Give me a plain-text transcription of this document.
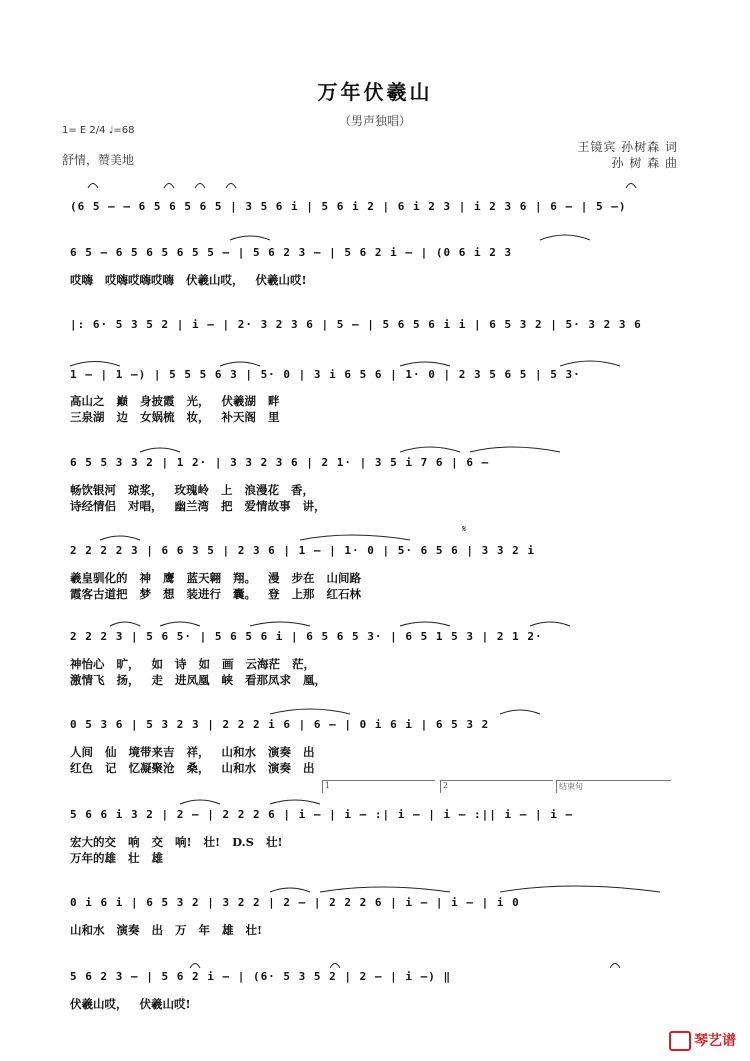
万年伏羲山
（男声独唱）
1= E 2/4 ♩=68
舒情，赞美地
王镜宾 孙树森 词
孙 树 森 曲
(6 5 — — 6 5 6 5 6 5 | 3 5 6 i | 5 6 i 2 | 6 i 2 3 | i 2 3 6 | 6 — | 5 —)
6 5 — 6 5 6 5 6 5 5 — | 5 6 2 3 — | 5 6 2 i — | (0 6 i 2 3
哎嗨 哎嗨哎嗨哎嗨 伏羲山哎， 伏羲山哎!
|: 6· 5 3 5 2 | i — | 2· 3 2 3 6 | 5 — | 5 6 5 6 i i | 6 5 3 2 | 5· 3 2 3 6
1 — | 1 —) | 5 5 5 6 3 | 5· 0 | 3 i 6 5 6 | 1· 0 | 2 3 5 6 5 | 5 3·
高山之 巅 身披霞 光， 伏羲湖 畔
三泉湖 边 女娲梳 妆， 补天阁 里
6 5 5 3 3 2 | 1 2· | 3 3 2 3 6 | 2 1· | 3 5 i 7 6 | 6 —
畅饮银河 琼浆， 玫瑰岭 上 浪漫花 香，
诗经情侣 对唱， 幽兰湾 把 爱情故事 讲，
𝄋
2 2 2 2 3 | 6 6 3 5 | 2 3 6 | 1 — | 1· 0 | 5· 6 5 6 | 3 3 2 i
羲皇驯化的 神 鹰 蓝天翱 翔。 漫 步在 山间路
霞客古道把 梦 想 装进行 囊。 登 上那 红石林
2 2 2 3 | 5 6 5· | 5 6 5 6 i | 6 5 6 5 3· | 6 5 1 5 3 | 2 1 2·
神怡心 旷， 如 诗 如 画 云海茫 茫，
激情飞 扬， 走 进凤凰 峡 看那凤求 凰，
0 5 3 6 | 5 3 2 3 | 2 2 2 i 6 | 6 — | 0 i 6 i | 6 5 3 2
人间 仙 境带来吉 祥， 山和水 演奏 出
红色 记 忆凝聚沧 桑， 山和水 演奏 出
1	2	结束句
5 6 6 i 3 2 | 2 — | 2 2 2 6 | i — | i — :| i — | i — :|| i — | i —
宏大的交 响 交 响! 壮! D.S 壮!
万年的雄 壮 雄
0 i 6 i | 6 5 3 2 | 3 2 2 | 2 — | 2 2 2 6 | i — | i — | i 0
山和水 演奏 出 万 年 雄 壮!
5 6 2 3 — | 5 6 2 i — | (6· 5 3 5 2 | 2 — | i —) ‖
伏羲山哎， 伏羲山哎!
琴艺谱
